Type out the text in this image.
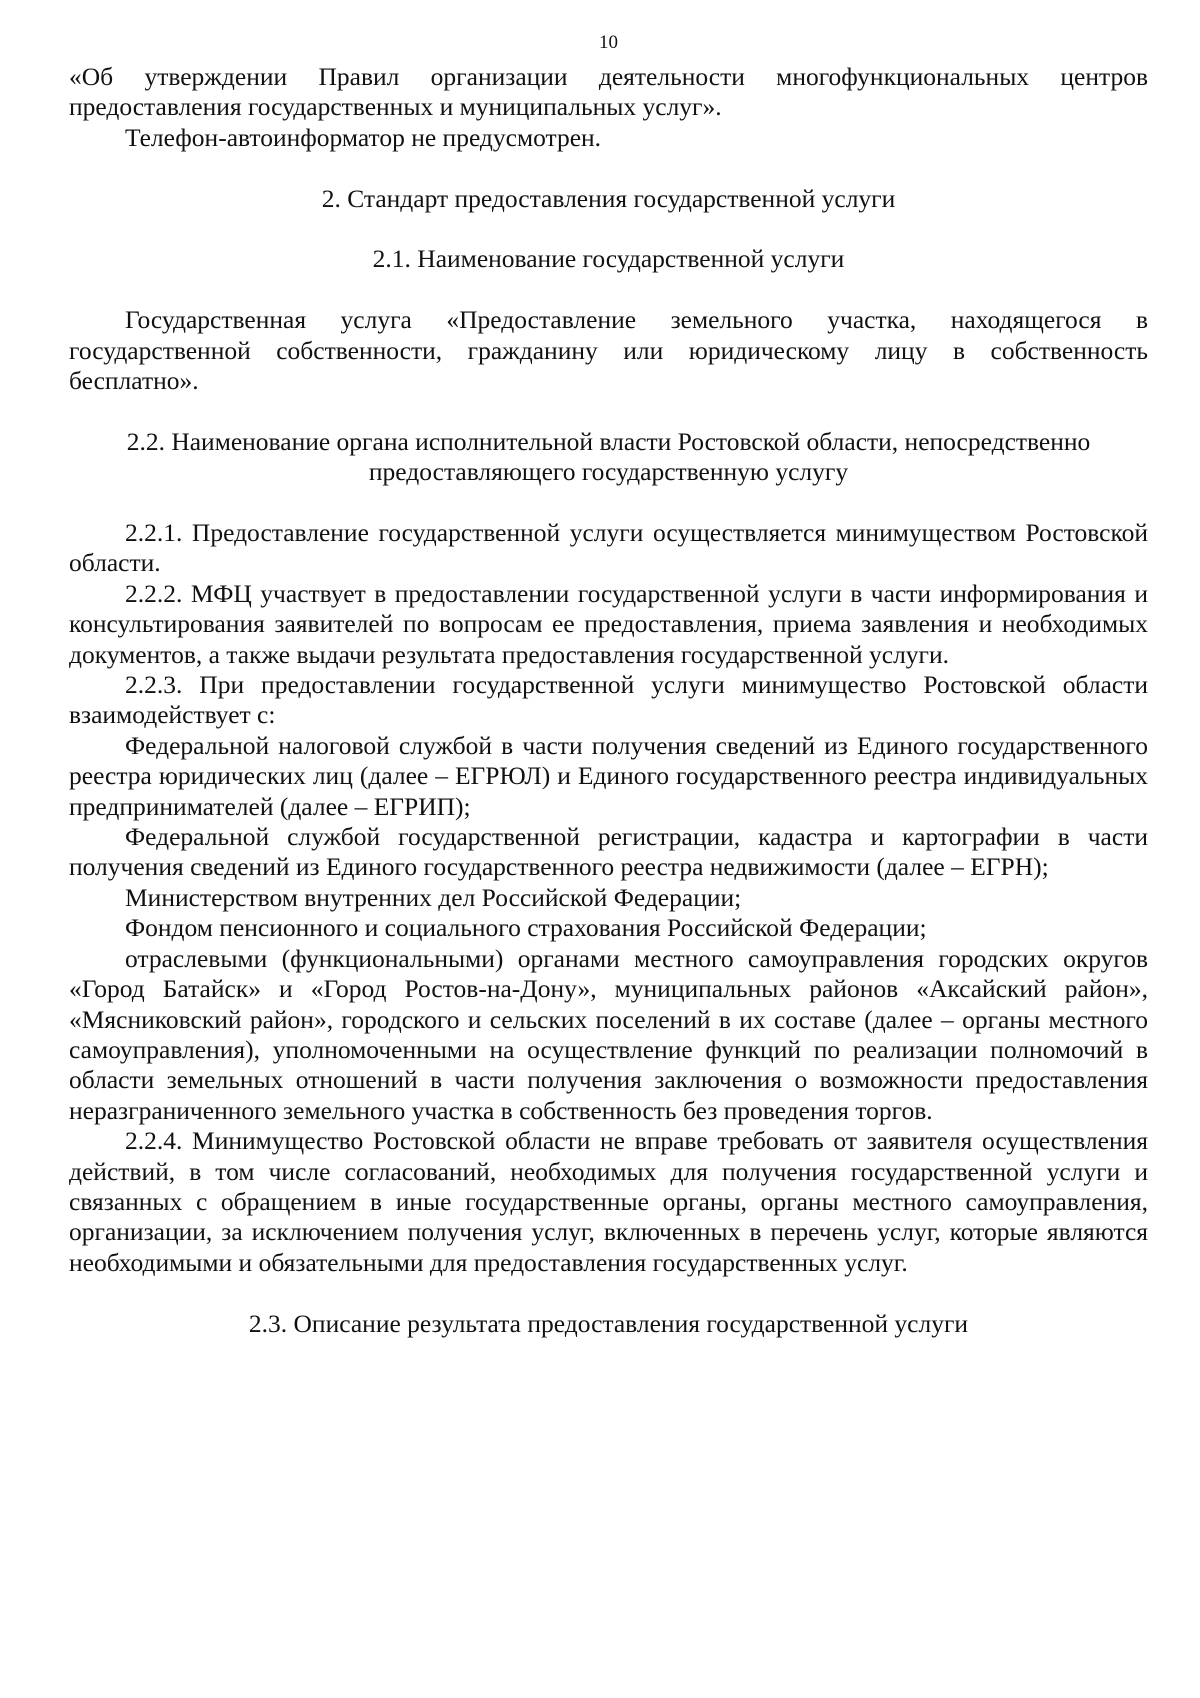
10

«Об утверждении Правил организации деятельности многофункциональных центров предоставления государственных и муниципальных услуг».

Телефон-автоинформатор не предусмотрен.

2. Стандарт предоставления государственной услуги
2.1. Наименование государственной услуги

Государственная услуга «Предоставление земельного участка, находящегося в государственной собственности, гражданину или юридическому лицу в собственность бесплатно».

2.2. Наименование органа исполнительной власти Ростовской области, непосредственно предоставляющего государственную услугу

2.2.1. Предоставление государственной услуги осуществляется минимуществом Ростовской области.

2.2.2. МФЦ участвует в предоставлении государственной услуги в части информирования и консультирования заявителей по вопросам ее предоставления, приема заявления и необходимых документов, а также выдачи результата предоставления государственной услуги.

2.2.3. При предоставлении государственной услуги минимущество Ростовской области взаимодействует с:

Федеральной налоговой службой в части получения сведений из Единого государственного реестра юридических лиц (далее – ЕГРЮЛ) и Единого государственного реестра индивидуальных предпринимателей (далее – ЕГРИП);

Федеральной службой государственной регистрации, кадастра и картографии в части получения сведений из Единого государственного реестра недвижимости (далее – ЕГРН);

Министерством внутренних дел Российской Федерации;

Фондом пенсионного и социального страхования Российской Федерации;

отраслевыми (функциональными) органами местного самоуправления городских округов «Город Батайск» и «Город Ростов-на-Дону», муниципальных районов «Аксайский район», «Мясниковский район», городского и сельских поселений в их составе (далее – органы местного самоуправления), уполномоченными на осуществление функций по реализации полномочий в области земельных отношений в части получения заключения о возможности предоставления неразграниченного земельного участка в собственность без проведения торгов.

2.2.4. Минимущество Ростовской области не вправе требовать от заявителя осуществления действий, в том числе согласований, необходимых для получения государственной услуги и связанных с обращением в иные государственные органы, органы местного самоуправления, организации, за исключением получения услуг, включенных в перечень услуг, которые являются необходимыми и обязательными для предоставления государственных услуг.

2.3. Описание результата предоставления государственной услуги
